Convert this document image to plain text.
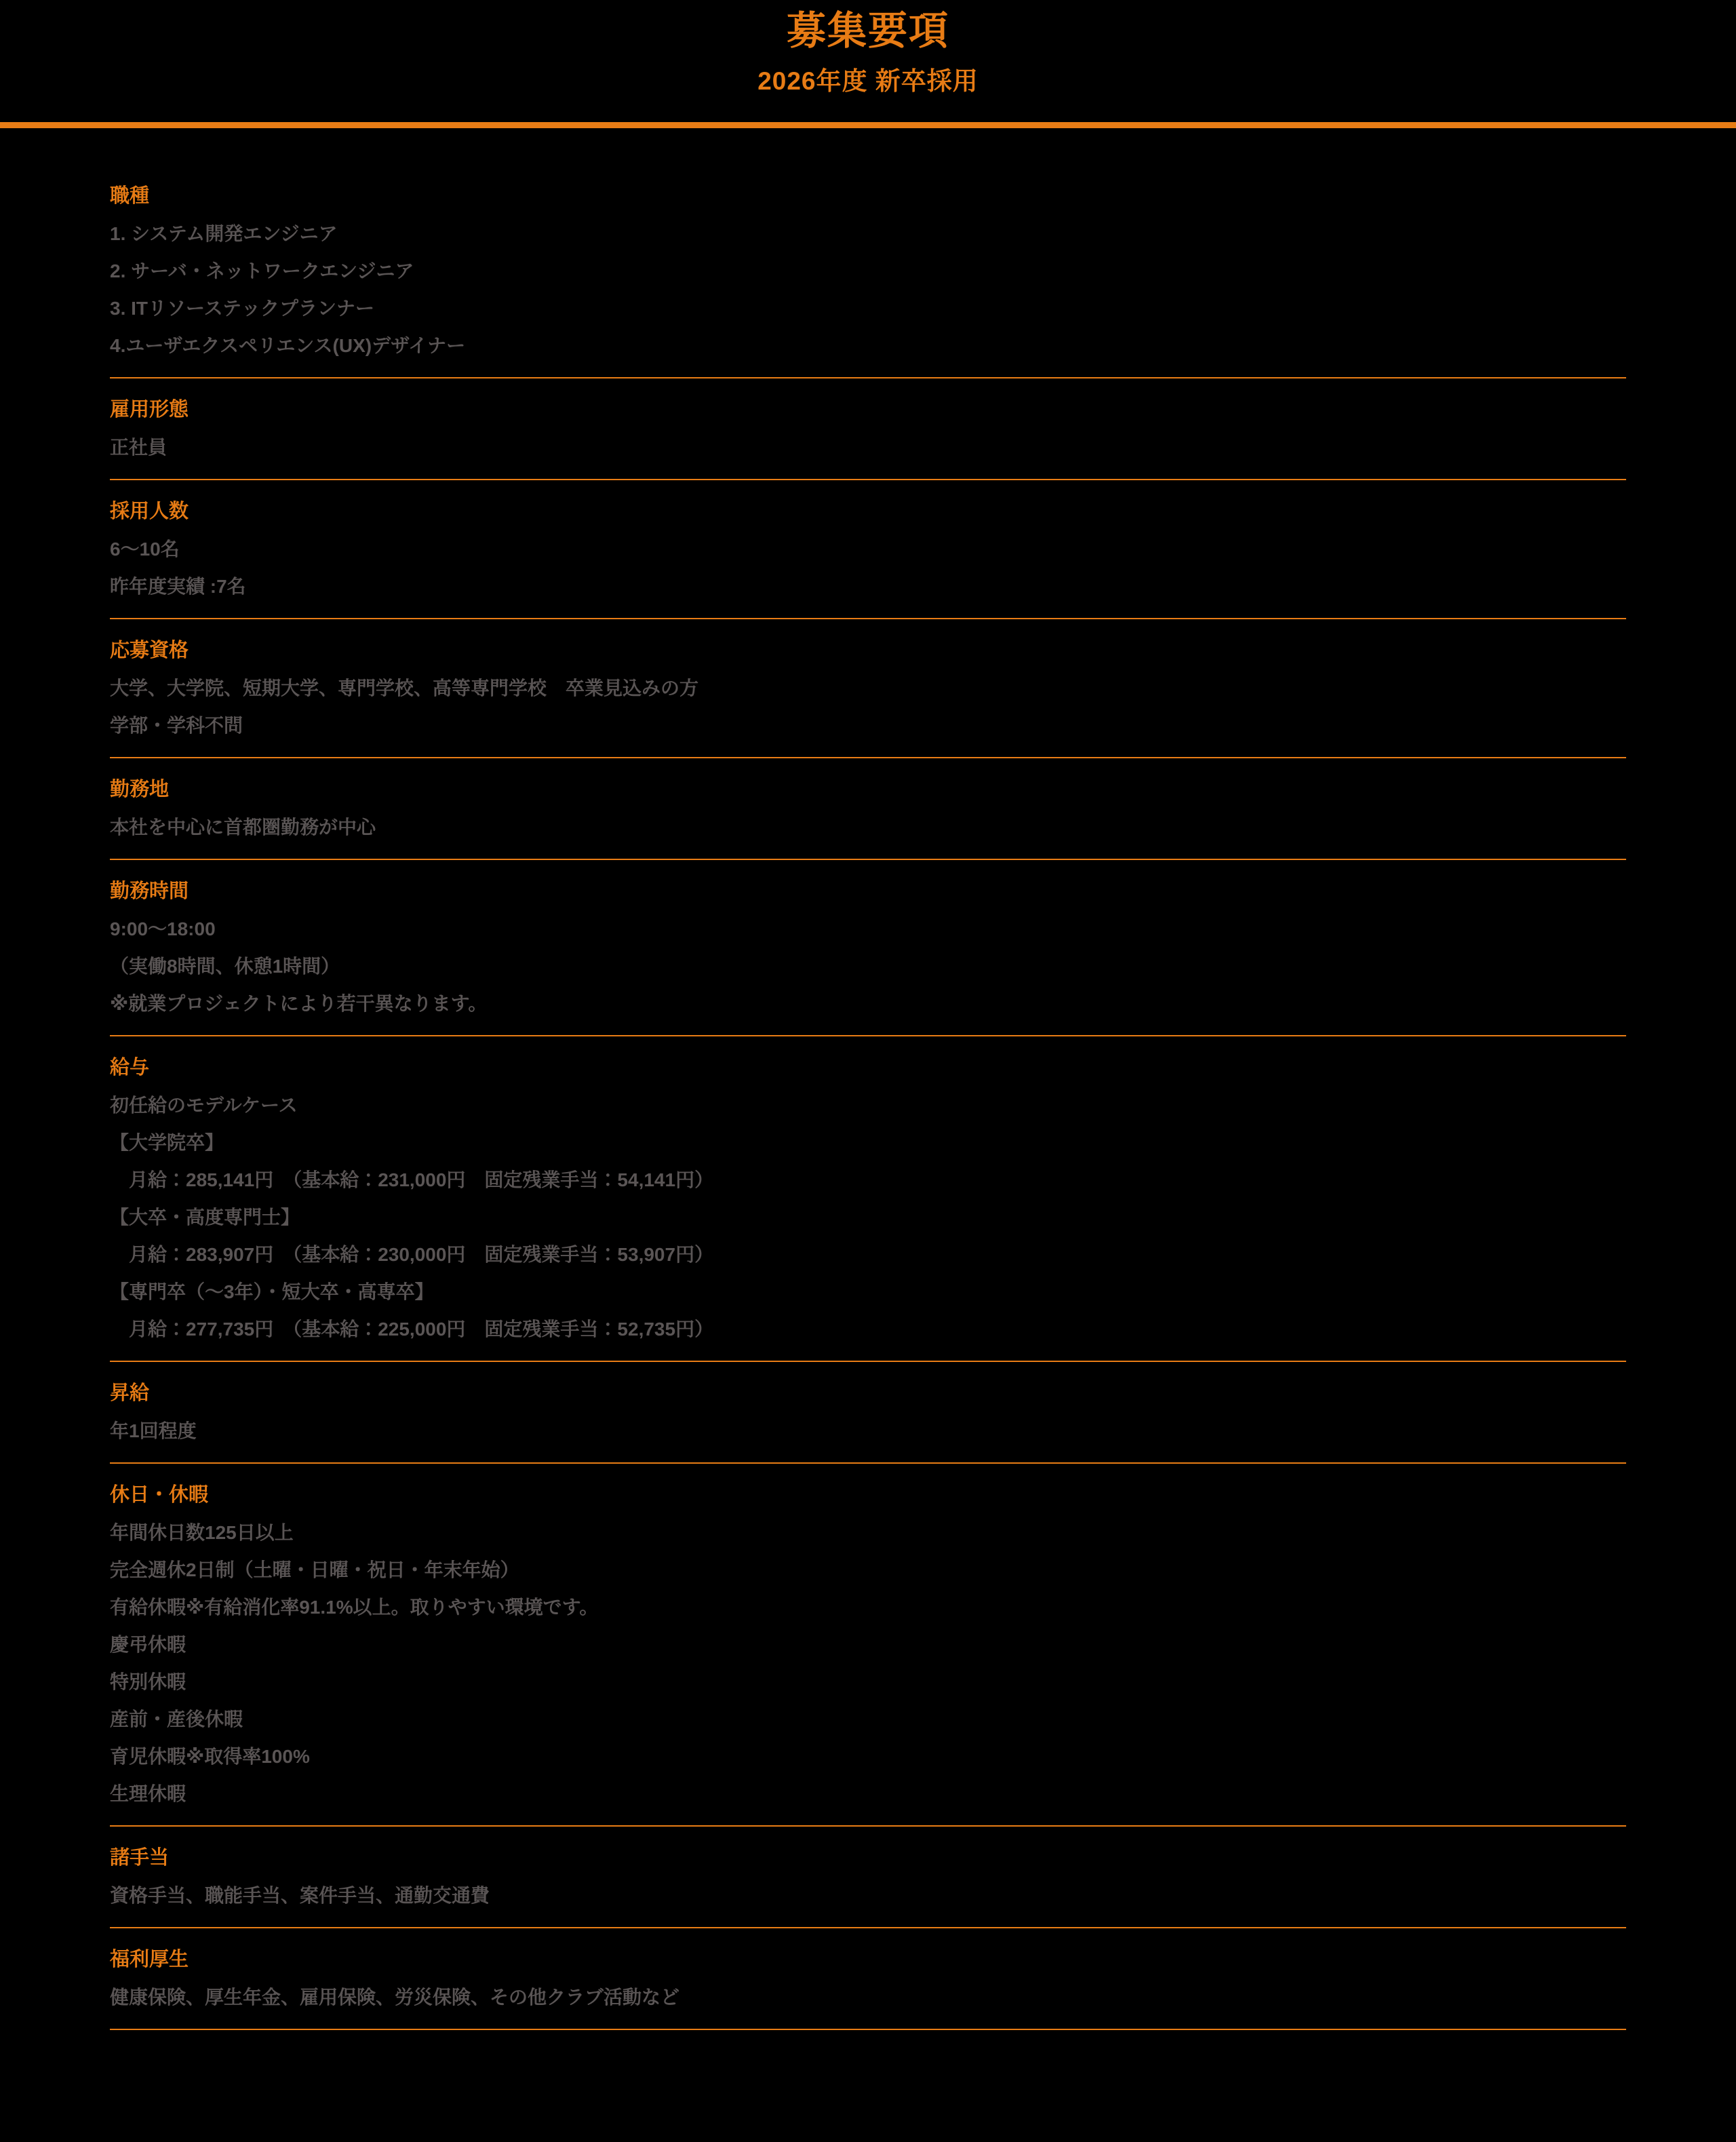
募集要項

2026年度 新卒採用

職種

1. システム開発エンジニア

2. サーバ・ネットワークエンジニア

3. ITリソーステックプランナー

4.ユーザエクスペリエンス(UX)デザイナー

雇用形態

正社員

採用人数

6〜10名

昨年度実績 :7名

応募資格

大学、大学院、短期大学、専門学校、高等専門学校　卒業見込みの方

学部・学科不問

勤務地

本社を中心に首都圏勤務が中心

勤務時間

9:00〜18:00

（実働8時間、休憩1時間）

※就業プロジェクトにより若干異なります。

給与

初任給のモデルケース

【大学院卒】

　月給：285,141円　（基本給：231,000円　固定残業手当：54,141円）

【大卒・高度専門士】

　月給：283,907円　（基本給：230,000円　固定残業手当：53,907円）

【専門卒（〜3年）・短大卒・高専卒】

　月給：277,735円　（基本給：225,000円　固定残業手当：52,735円）

昇給

年1回程度

休日・休暇

年間休日数125日以上

完全週休2日制（土曜・日曜・祝日・年末年始）

有給休暇※有給消化率91.1%以上。取りやすい環境です。

慶弔休暇

特別休暇

産前・産後休暇

育児休暇※取得率100%

生理休暇

諸手当

資格手当、職能手当、案件手当、通勤交通費

福利厚生

健康保険、厚生年金、雇用保険、労災保険、その他クラブ活動など
